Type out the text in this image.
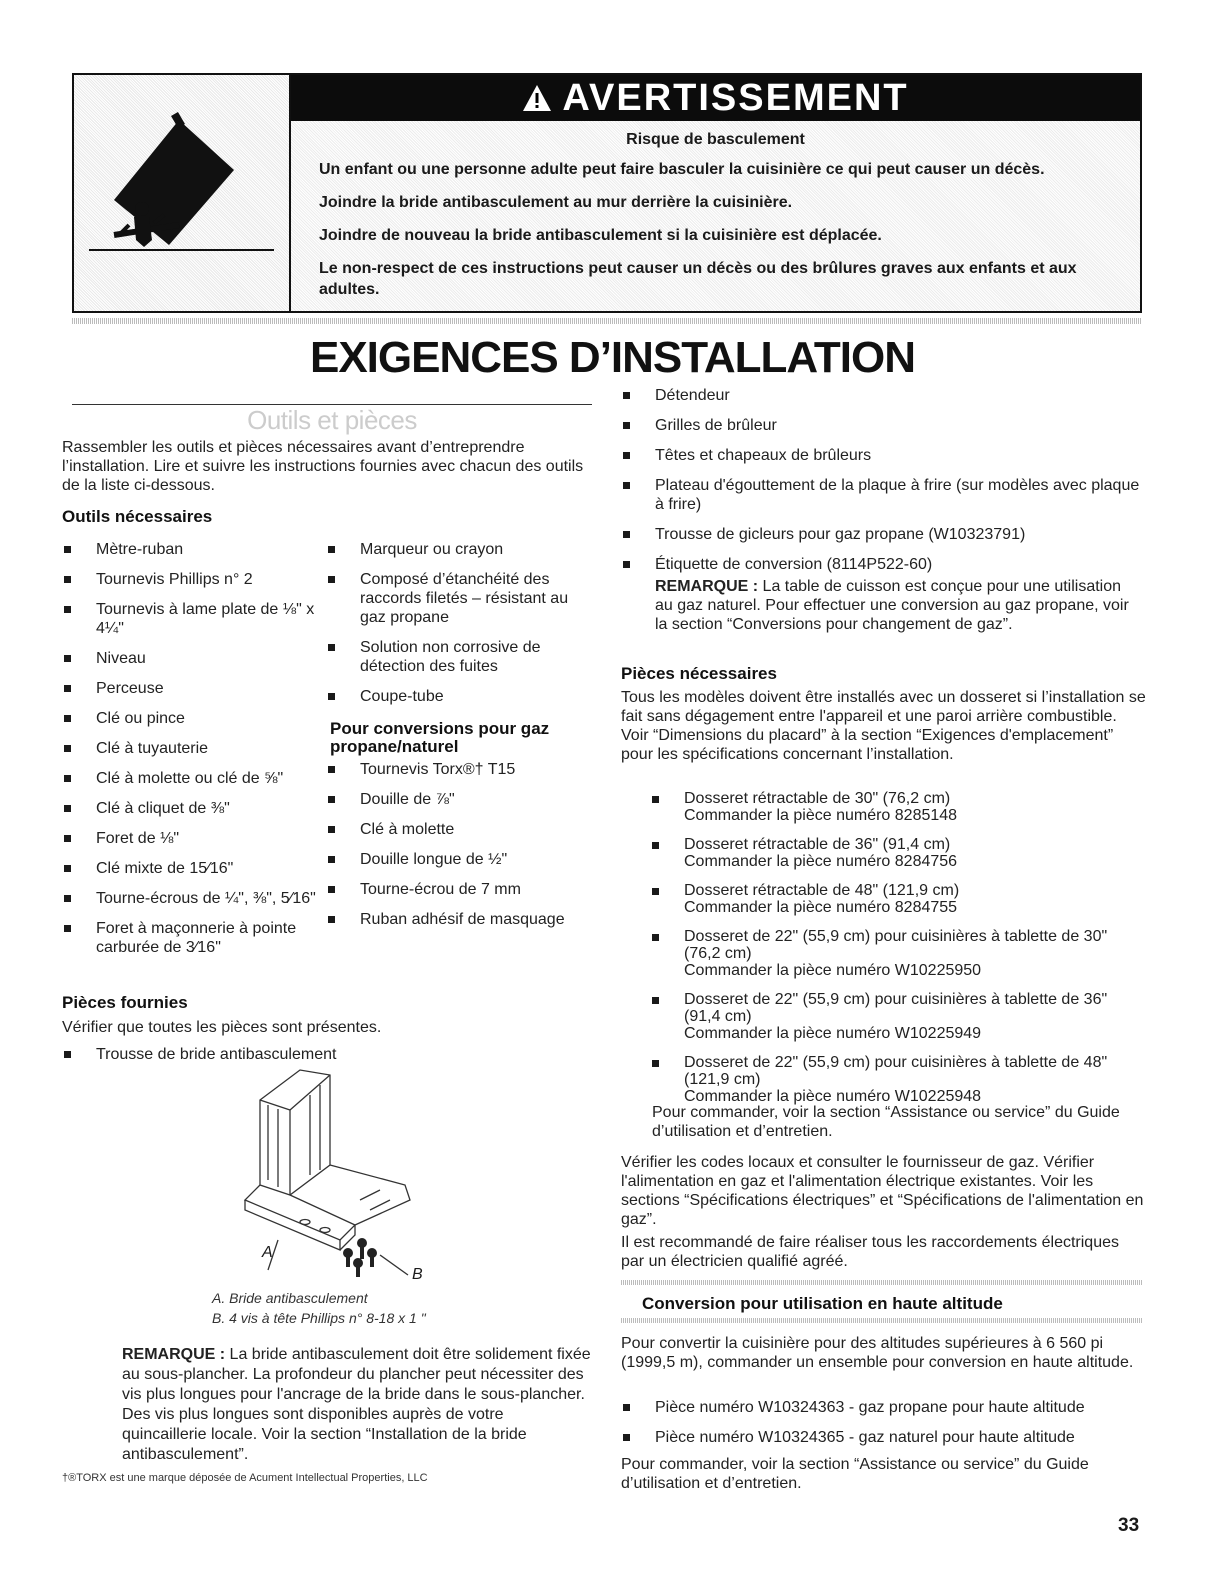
AVERTISSEMENT
Risque de basculement
Un enfant ou une personne adulte peut faire basculer la cuisinière ce qui peut causer un décès.
Joindre la bride antibasculement au mur derrière la cuisinière.
Joindre de nouveau la bride antibasculement si la cuisinière est déplacée.
Le non-respect de ces instructions peut causer un décès ou des brûlures graves aux enfants et aux adultes.
EXIGENCES D’INSTALLATION
Outils et pièces
Rassembler les outils et pièces nécessaires avant d’entreprendre l’installation. Lire et suivre les instructions fournies avec chacun des outils de la liste ci-dessous.
Outils nécessaires
Mètre-ruban
Tournevis Phillips n° 2
Tournevis à lame plate de ⅛" x 4¼"
Niveau
Perceuse
Clé ou pince
Clé à tuyauterie
Clé à molette ou clé de ⅝"
Clé à cliquet de ⅜"
Foret de ⅛"
Clé mixte de 15⁄16"
Tourne-écrous de ¼", ⅜", 5⁄16"
Foret à maçonnerie à pointe carburée de 3⁄16"
Marqueur ou crayon
Composé d’étanchéité des raccords filetés – résistant au gaz propane
Solution non corrosive de détection des fuites
Coupe-tube
Pour conversions pour gaz propane/naturel
Tournevis Torx®† T15
Douille de ⅞"
Clé à molette
Douille longue de ½"
Tourne-écrou de 7 mm
Ruban adhésif de masquage
Pièces fournies
Vérifier que toutes les pièces sont présentes.
Trousse de bride antibasculement
A
B
A. Bride antibasculement
B. 4 vis à tête Phillips n° 8-18 x 1 "
REMARQUE : La bride antibasculement doit être solidement fixée au sous-plancher. La profondeur du plancher peut nécessiter des vis plus longues pour l'ancrage de la bride dans le sous-plancher. Des vis plus longues sont disponibles auprès de votre quincaillerie locale. Voir la section “Installation de la bride antibasculement”.
†®TORX est une marque déposée de Acument Intellectual Properties, LLC
Détendeur
Grilles de brûleur
Têtes et chapeaux de brûleurs
Plateau d'égouttement de la plaque à frire (sur modèles avec plaque à frire)
Trousse de gicleurs pour gaz propane (W10323791)
Étiquette de conversion (8114P522-60)
REMARQUE : La table de cuisson est conçue pour une utilisation au gaz naturel. Pour effectuer une conversion au gaz propane, voir la section “Conversions pour changement de gaz”.
Pièces nécessaires
Tous les modèles doivent être installés avec un dosseret si l’installation se fait sans dégagement entre l'appareil et une paroi arrière combustible. Voir “Dimensions du placard” à la section “Exigences d'emplacement” pour les spécifications concernant l’installation.
Dosseret rétractable de 30" (76,2 cm)
Commander la pièce numéro 8285148
Dosseret rétractable de 36" (91,4 cm)
Commander la pièce numéro 8284756
Dosseret rétractable de 48" (121,9 cm)
Commander la pièce numéro 8284755
Dosseret de 22" (55,9 cm) pour cuisinières à tablette de 30" (76,2 cm)
Commander la pièce numéro W10225950
Dosseret de 22" (55,9 cm) pour cuisinières à tablette de 36" (91,4 cm)
Commander la pièce numéro W10225949
Dosseret de 22" (55,9 cm) pour cuisinières à tablette de 48" (121,9 cm)
Commander la pièce numéro W10225948
Pour commander, voir la section “Assistance ou service” du Guide d’utilisation et d’entretien.
Vérifier les codes locaux et consulter le fournisseur de gaz. Vérifier l'alimentation en gaz et l'alimentation électrique existantes. Voir les sections “Spécifications électriques” et “Spécifications de l'alimentation en gaz”.
Il est recommandé de faire réaliser tous les raccordements électriques par un électricien qualifié agréé.
Conversion pour utilisation en haute altitude
Pour convertir la cuisinière pour des altitudes supérieures à 6 560 pi (1999,5 m), commander un ensemble pour conversion en haute altitude.
Pièce numéro W10324363 - gaz propane pour haute altitude
Pièce numéro W10324365 - gaz naturel pour haute altitude
Pour commander, voir la section “Assistance ou service” du Guide d’utilisation et d’entretien.
33
